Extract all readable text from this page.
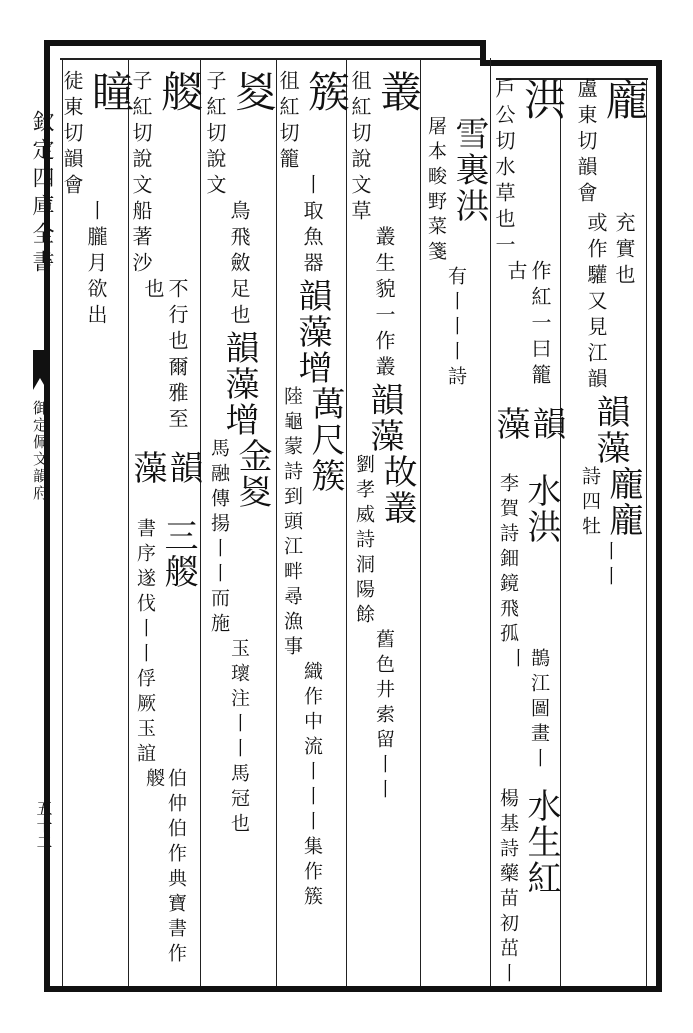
欽定四庫全書
御定佩文韻府
五十二
龐
盧東切韻會
充實也
或作驩又見江韻
韻藻
龐龐
詩四牡
丨丨
洪
戶公切水草也一
作紅一曰籠古
韻藻
水洪
李賀詩鈿鏡飛孤
鵲江圖畫丨丨
水生紅
楊基詩藥苗初茁丨
雪裏洪
屠本畯野菜箋
有丨丨丨詩
叢
徂紅切說文草
叢生貌一作叢
韻藻
故叢
劉孝威詩洞陽餘
舊色井索留丨丨
簇
徂紅切籠
丨取魚器
韻藻增
萬尺簇
陸龜蒙詩到頭江畔尋漁事
織作中流丨丨丨集作簇
㚇
子紅切說文
鳥飛斂足也
韻藻增
金㚇
馬融傳揚丨丨而施
玉瓌注丨丨馬冠也
艐
子紅切說文船著沙
不行也爾雅至也
韻藻
三艐
書序遂伐丨丨俘厥玉誼
伯仲伯作典寶書作艐
瞳
徒東切韻會
丨朧月欲出
